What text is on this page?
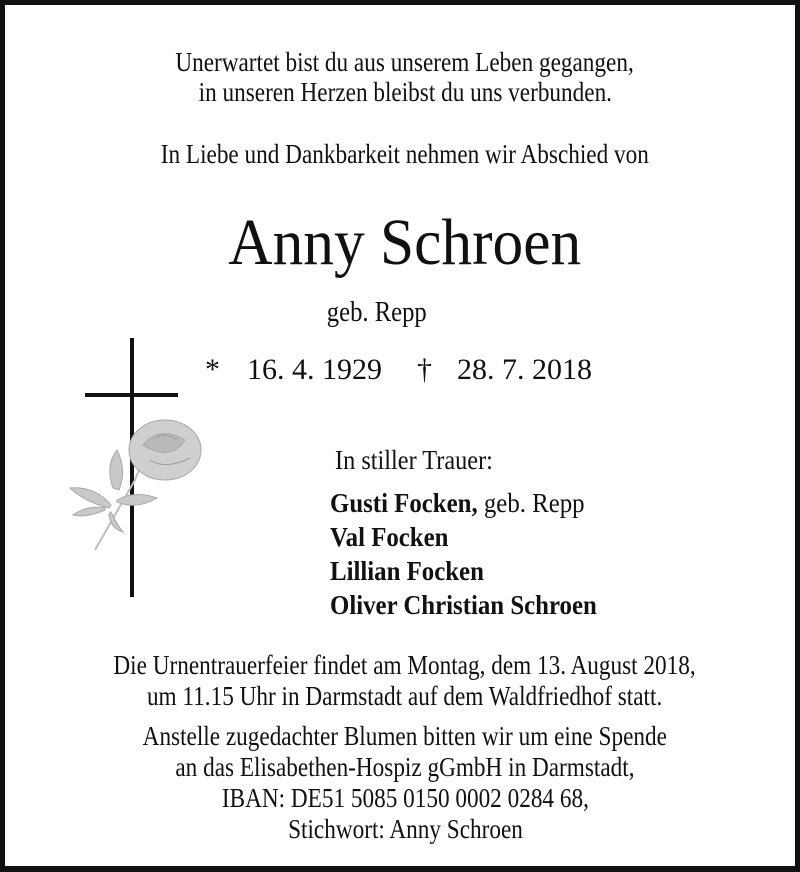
Unerwartet bist du aus unserem Leben gegangen,
in unseren Herzen bleibst du uns verbunden.
In Liebe und Dankbarkeit nehmen wir Abschied von
Anny Schroen
geb. Repp
* 16. 4. 1929 † 28. 7. 2018
In stiller Trauer:
Gusti Focken, geb. Repp
Val Focken
Lillian Focken
Oliver Christian Schroen
Die Urnentrauerfeier findet am Montag, dem 13. August 2018,
um 11.15 Uhr in Darmstadt auf dem Waldfriedhof statt.
Anstelle zugedachter Blumen bitten wir um eine Spende
an das Elisabethen-Hospiz gGmbH in Darmstadt,
IBAN: DE51 5085 0150 0002 0284 68,
Stichwort: Anny Schroen
